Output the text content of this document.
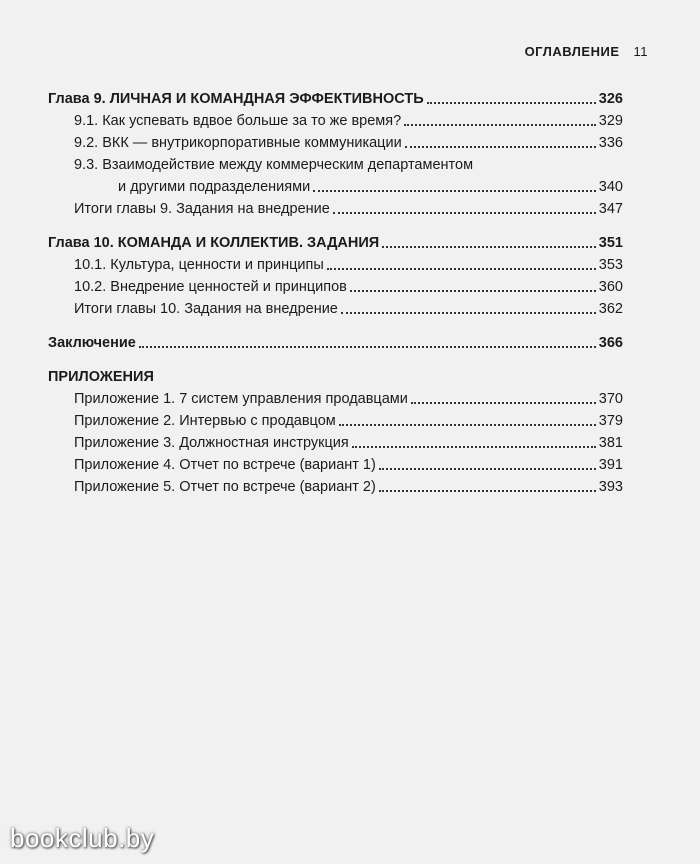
ОГЛАВЛЕНИЕ 11
Глава 9. ЛИЧНАЯ И КОМАНДНАЯ ЭФФЕКТИВНОСТЬ	326
9.1. Как успевать вдвое больше за то же время?	329
9.2. ВКК — внутрикорпоративные коммуникации	336
9.3. Взаимодействие между коммерческим департаментом
и другими подразделениями	340
Итоги главы 9. Задания на внедрение	347
Глава 10. КОМАНДА И КОЛЛЕКТИВ. ЗАДАНИЯ	351
10.1. Культура, ценности и принципы	353
10.2. Внедрение ценностей и принципов	360
Итоги главы 10. Задания на внедрение	362
Заключение	366
ПРИЛОЖЕНИЯ
Приложение 1. 7 систем управления продавцами	370
Приложение 2. Интервью с продавцом	379
Приложение 3. Должностная инструкция	381
Приложение 4. Отчет по встрече (вариант 1)	391
Приложение 5. Отчет по встрече (вариант 2)	393
bookclub.by
